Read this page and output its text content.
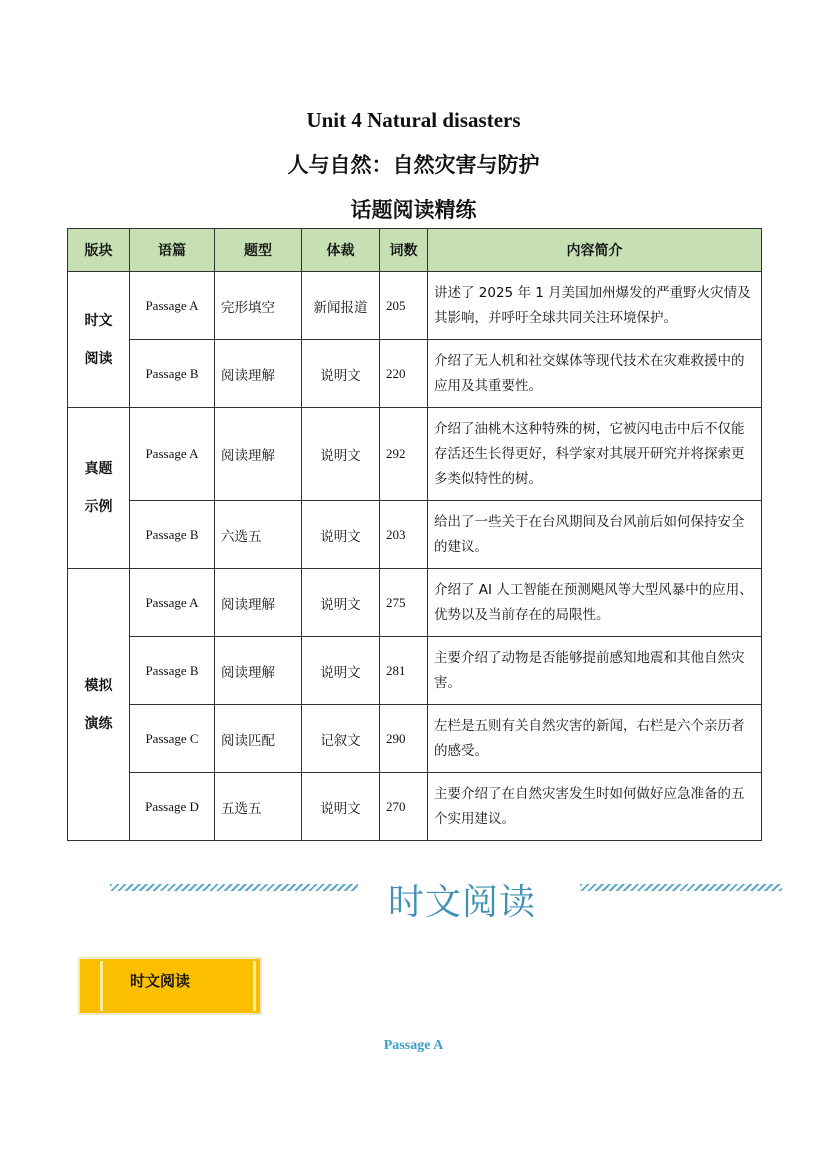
Unit 4 Natural disasters
人与自然：自然灾害与防护
话题阅读精练
版块	语篇	题型	体裁	词数	内容简介
时文阅读	Passage A	完形填空	新闻报道	205	讲述了 2025 年 1 月美国加州爆发的严重野火灾情及其影响，并呼吁全球共同关注环境保护。
	Passage B	阅读理解	说明文	220	介绍了无人机和社交媒体等现代技术在灾难救援中的应用及其重要性。
真题示例	Passage A	阅读理解	说明文	292	介绍了油桃木这种特殊的树，它被闪电击中后不仅能存活还生长得更好，科学家对其展开研究并将探索更多类似特性的树。
	Passage B	六选五	说明文	203	给出了一些关于在台风期间及台风前后如何保持安全的建议。
模拟演练	Passage A	阅读理解	说明文	275	介绍了 AI 人工智能在预测飓风等大型风暴中的应用、优势以及当前存在的局限性。
	Passage B	阅读理解	说明文	281	主要介绍了动物是否能够提前感知地震和其他自然灾害。
	Passage C	阅读匹配	记叙文	290	左栏是五则有关自然灾害的新闻，右栏是六个亲历者的感受。
	Passage D	五选五	说明文	270	主要介绍了在自然灾害发生时如何做好应急准备的五个实用建议。
时文阅读
时文阅读
Passage A
